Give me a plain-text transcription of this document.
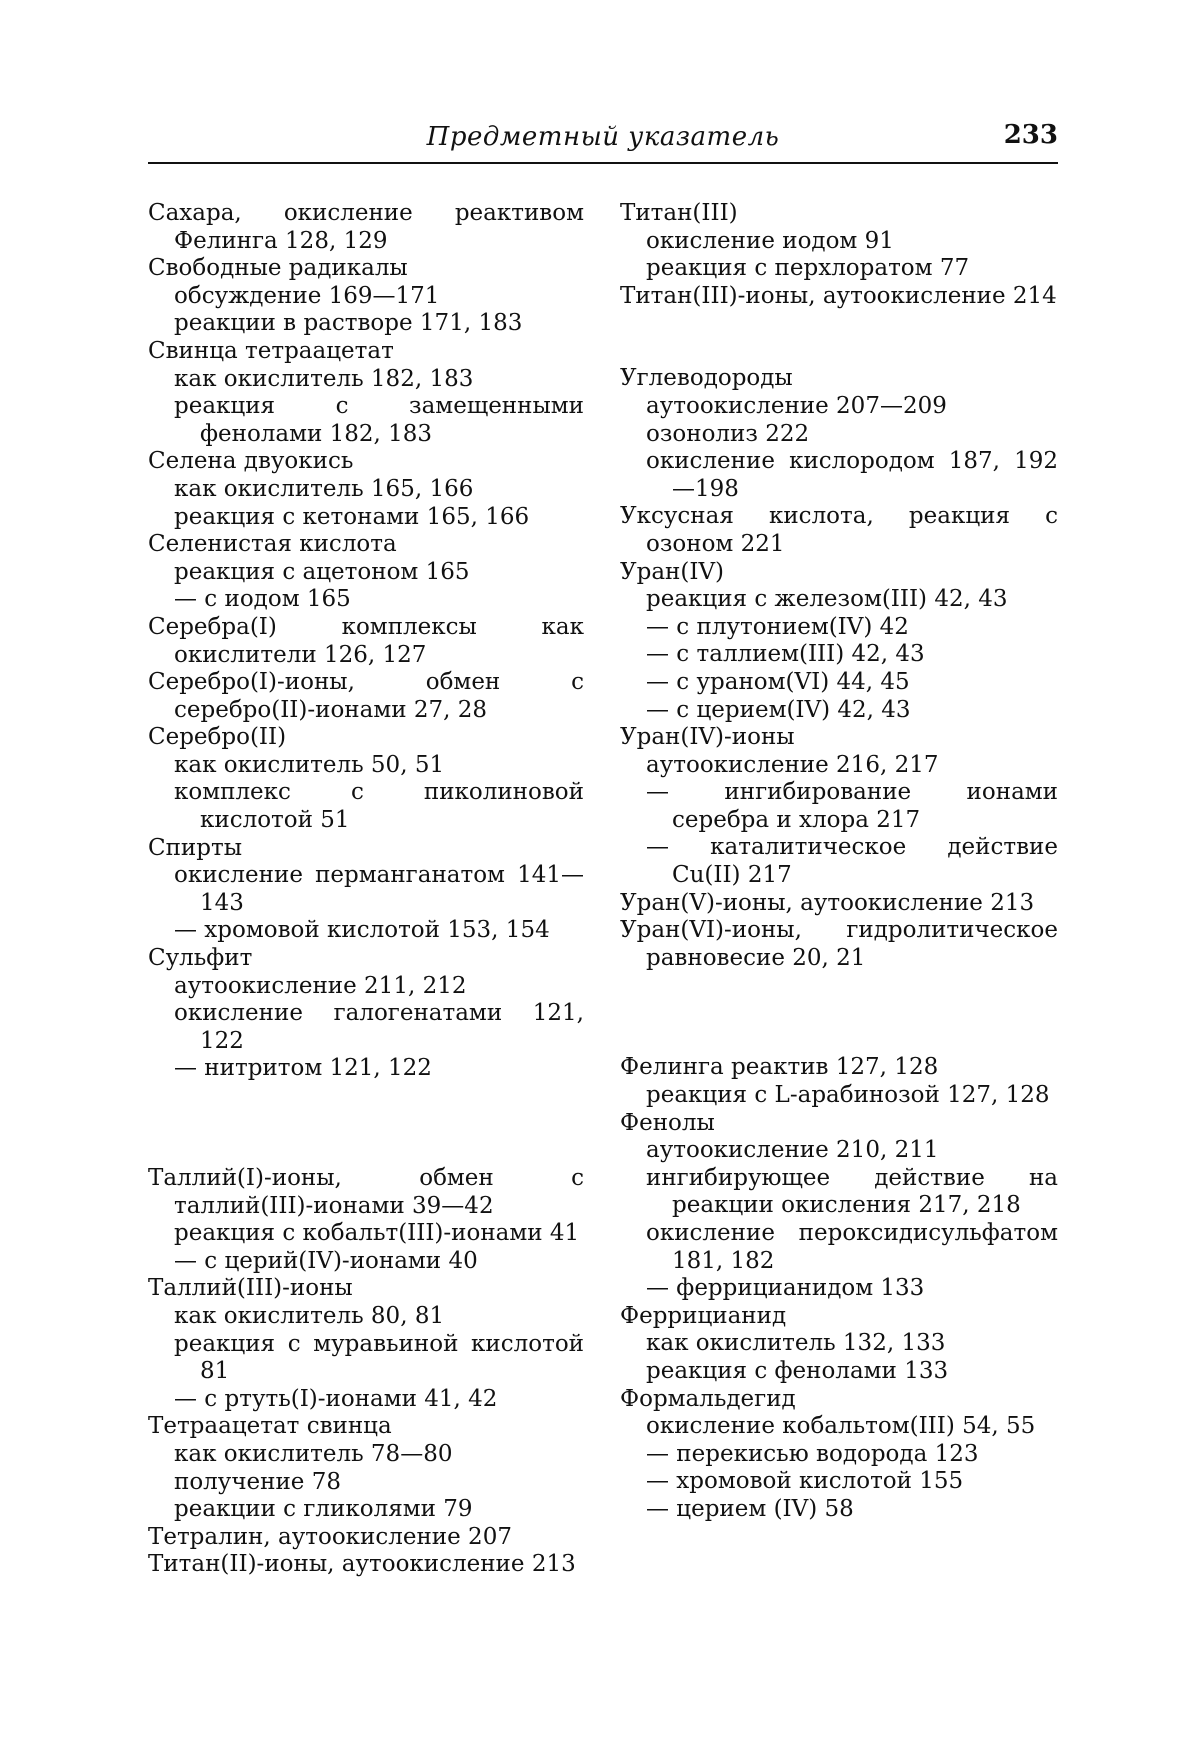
Предметный указатель	233
Сахара, окисление реактивом Фелинга 128, 129
Свободные радикалы
обсуждение 169—171
реакции в растворе 171, 183
Свинца тетраацетат
как окислитель 182, 183
реакция с замещенными фенолами 182, 183
Селена двуокись
как окислитель 165, 166
реакция с кетонами 165, 166
Селенистая кислота
реакция с ацетоном 165
— с иодом 165
Серебра(I) комплексы как окислители 126, 127
Серебро(I)-ионы, обмен с серебро(II)-ионами 27, 28
Серебро(II)
как окислитель 50, 51
комплекс с пиколиновой кислотой 51
Спирты
окисление перманганатом 141—143
— хромовой кислотой 153, 154
Сульфит
аутоокисление 211, 212
окисление галогенатами 121, 122
— нитритом 121, 122
Таллий(I)-ионы, обмен с таллий(III)-ионами 39—42
реакция с кобальт(III)-ионами 41
— с церий(IV)-ионами 40
Таллий(III)-ионы
как окислитель 80, 81
реакция с муравьиной кислотой 81
— с ртуть(I)-ионами 41, 42
Тетраацетат свинца
как окислитель 78—80
получение 78
реакции с гликолями 79
Тетралин, аутоокисление 207
Титан(II)-ионы, аутоокисление 213
Титан(III)
окисление иодом 91
реакция с перхлоратом 77
Титан(III)-ионы, аутоокисление 214
Углеводороды
аутоокисление 207—209
озонолиз 222
окисление кислородом 187, 192—198
Уксусная кислота, реакция с озоном 221
Уран(IV)
реакция с железом(III) 42, 43
— с плутонием(IV) 42
— с таллием(III) 42, 43
— с ураном(VI) 44, 45
— с церием(IV) 42, 43
Уран(IV)-ионы
аутоокисление 216, 217
— ингибирование ионами серебра и хлора 217
— каталитическое действие Cu(II) 217
Уран(V)-ионы, аутоокисление 213
Уран(VI)-ионы, гидролитическое равновесие 20, 21
Фелинга реактив 127, 128
реакция с L-арабинозой 127, 128
Фенолы
аутоокисление 210, 211
ингибирующее действие на реакции окисления 217, 218
окисление пероксидисульфатом 181, 182
— феррицианидом 133
Феррицианид
как окислитель 132, 133
реакция с фенолами 133
Формальдегид
окисление кобальтом(III) 54, 55
— перекисью водорода 123
— хромовой кислотой 155
— церием (IV) 58
